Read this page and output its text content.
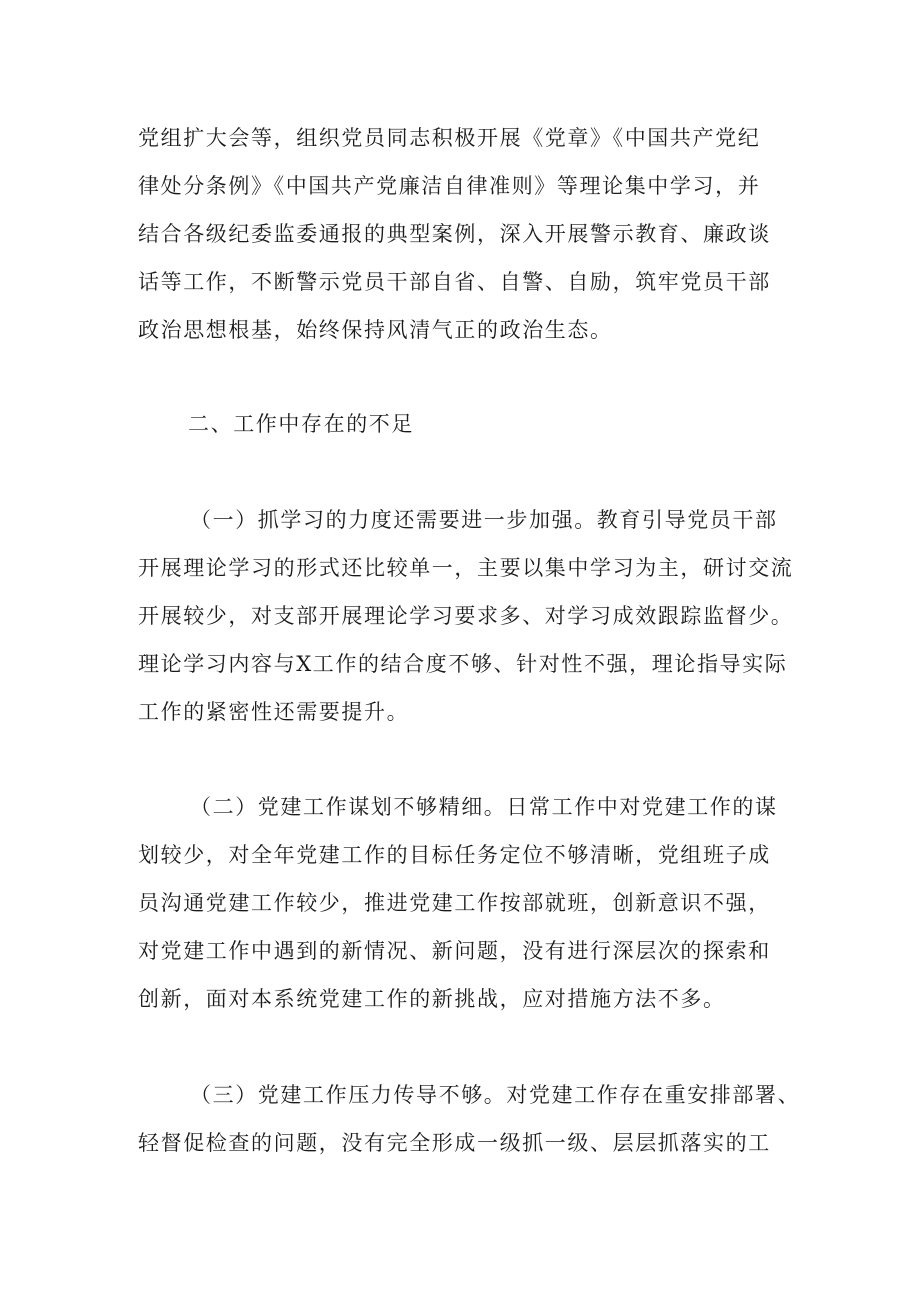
党组扩大会等，组织党员同志积极开展《党章》《中国共产党纪
律处分条例》《中国共产党廉洁自律准则》等理论集中学习，并
结合各级纪委监委通报的典型案例，深入开展警示教育、廉政谈
话等工作，不断警示党员干部自省、自警、自励，筑牢党员干部
政治思想根基，始终保持风清气正的政治生态。
二、工作中存在的不足
（一）抓学习的力度还需要进一步加强。教育引导党员干部
开展理论学习的形式还比较单一，主要以集中学习为主，研讨交流
开展较少，对支部开展理论学习要求多、对学习成效跟踪监督少。
理论学习内容与X工作的结合度不够、针对性不强，理论指导实际
工作的紧密性还需要提升。
（二）党建工作谋划不够精细。日常工作中对党建工作的谋
划较少，对全年党建工作的目标任务定位不够清晰，党组班子成
员沟通党建工作较少，推进党建工作按部就班，创新意识不强，
对党建工作中遇到的新情况、新问题，没有进行深层次的探索和
创新，面对本系统党建工作的新挑战，应对措施方法不多。
（三）党建工作压力传导不够。对党建工作存在重安排部署、
轻督促检查的问题，没有完全形成一级抓一级、层层抓落实的工
